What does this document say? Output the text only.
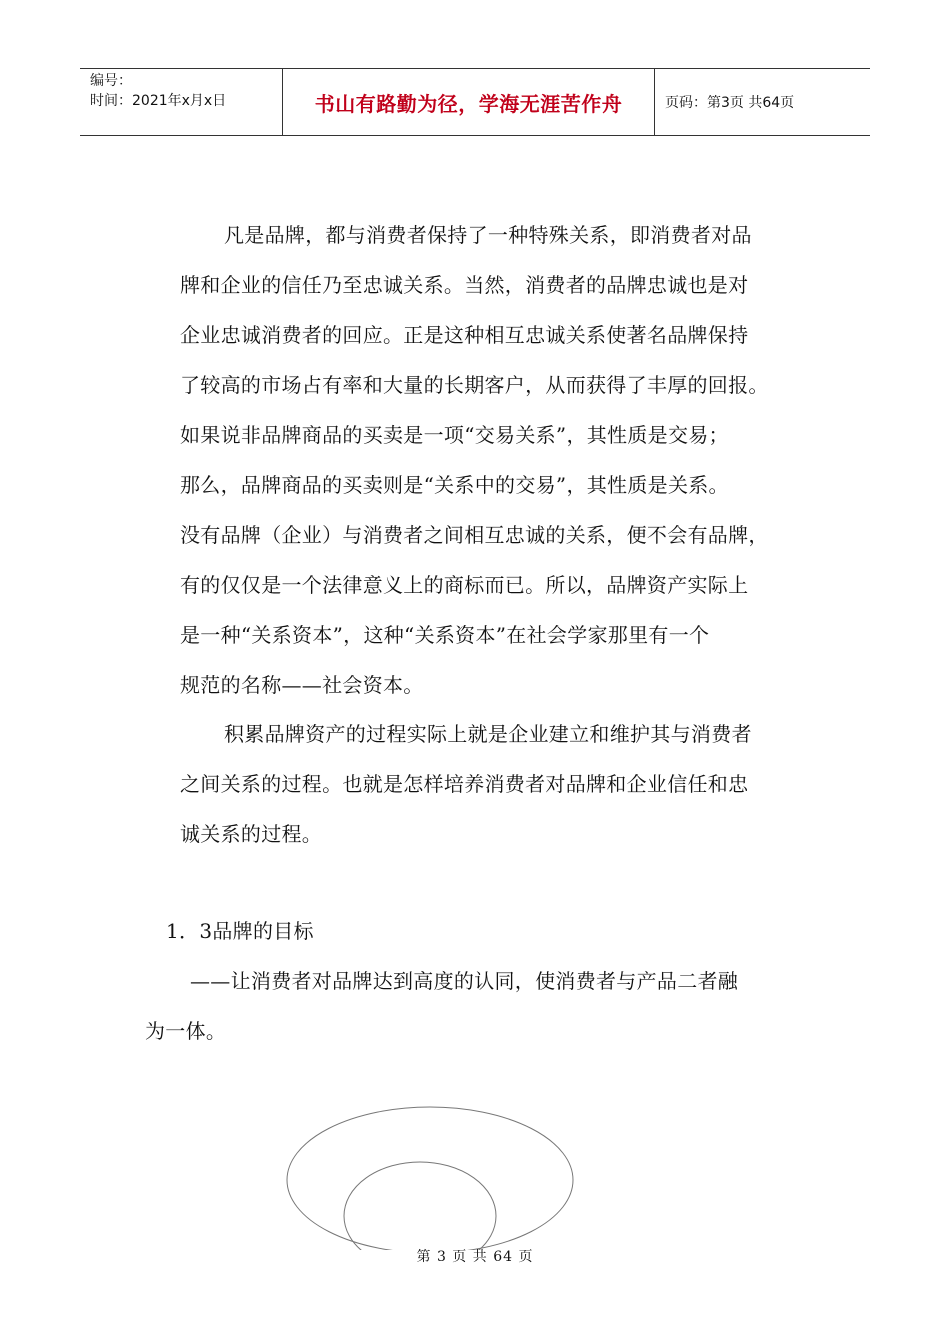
编号：
时间：2021年x月x日	书山有路勤为径，学海无涯苦作舟	页码：第3页 共64页
凡是品牌，都与消费者保持了一种特殊关系，即消费者对品
牌和企业的信任乃至忠诚关系。当然，消费者的品牌忠诚也是对
企业忠诚消费者的回应。正是这种相互忠诚关系使著名品牌保持
了较高的市场占有率和大量的长期客户，从而获得了丰厚的回报。
如果说非品牌商品的买卖是一项“交易关系”，其性质是交易；
那么，品牌商品的买卖则是“关系中的交易”，其性质是关系。
没有品牌（企业）与消费者之间相互忠诚的关系，便不会有品牌，
有的仅仅是一个法律意义上的商标而已。所以，品牌资产实际上
是一种“关系资本”，这种“关系资本”在社会学家那里有一个
规范的名称——社会资本。
积累品牌资产的过程实际上就是企业建立和维护其与消费者
之间关系的过程。也就是怎样培养消费者对品牌和企业信任和忠
诚关系的过程。
1．3品牌的目标
——让消费者对品牌达到高度的认同，使消费者与产品二者融
为一体。
第 3 页 共 64 页
